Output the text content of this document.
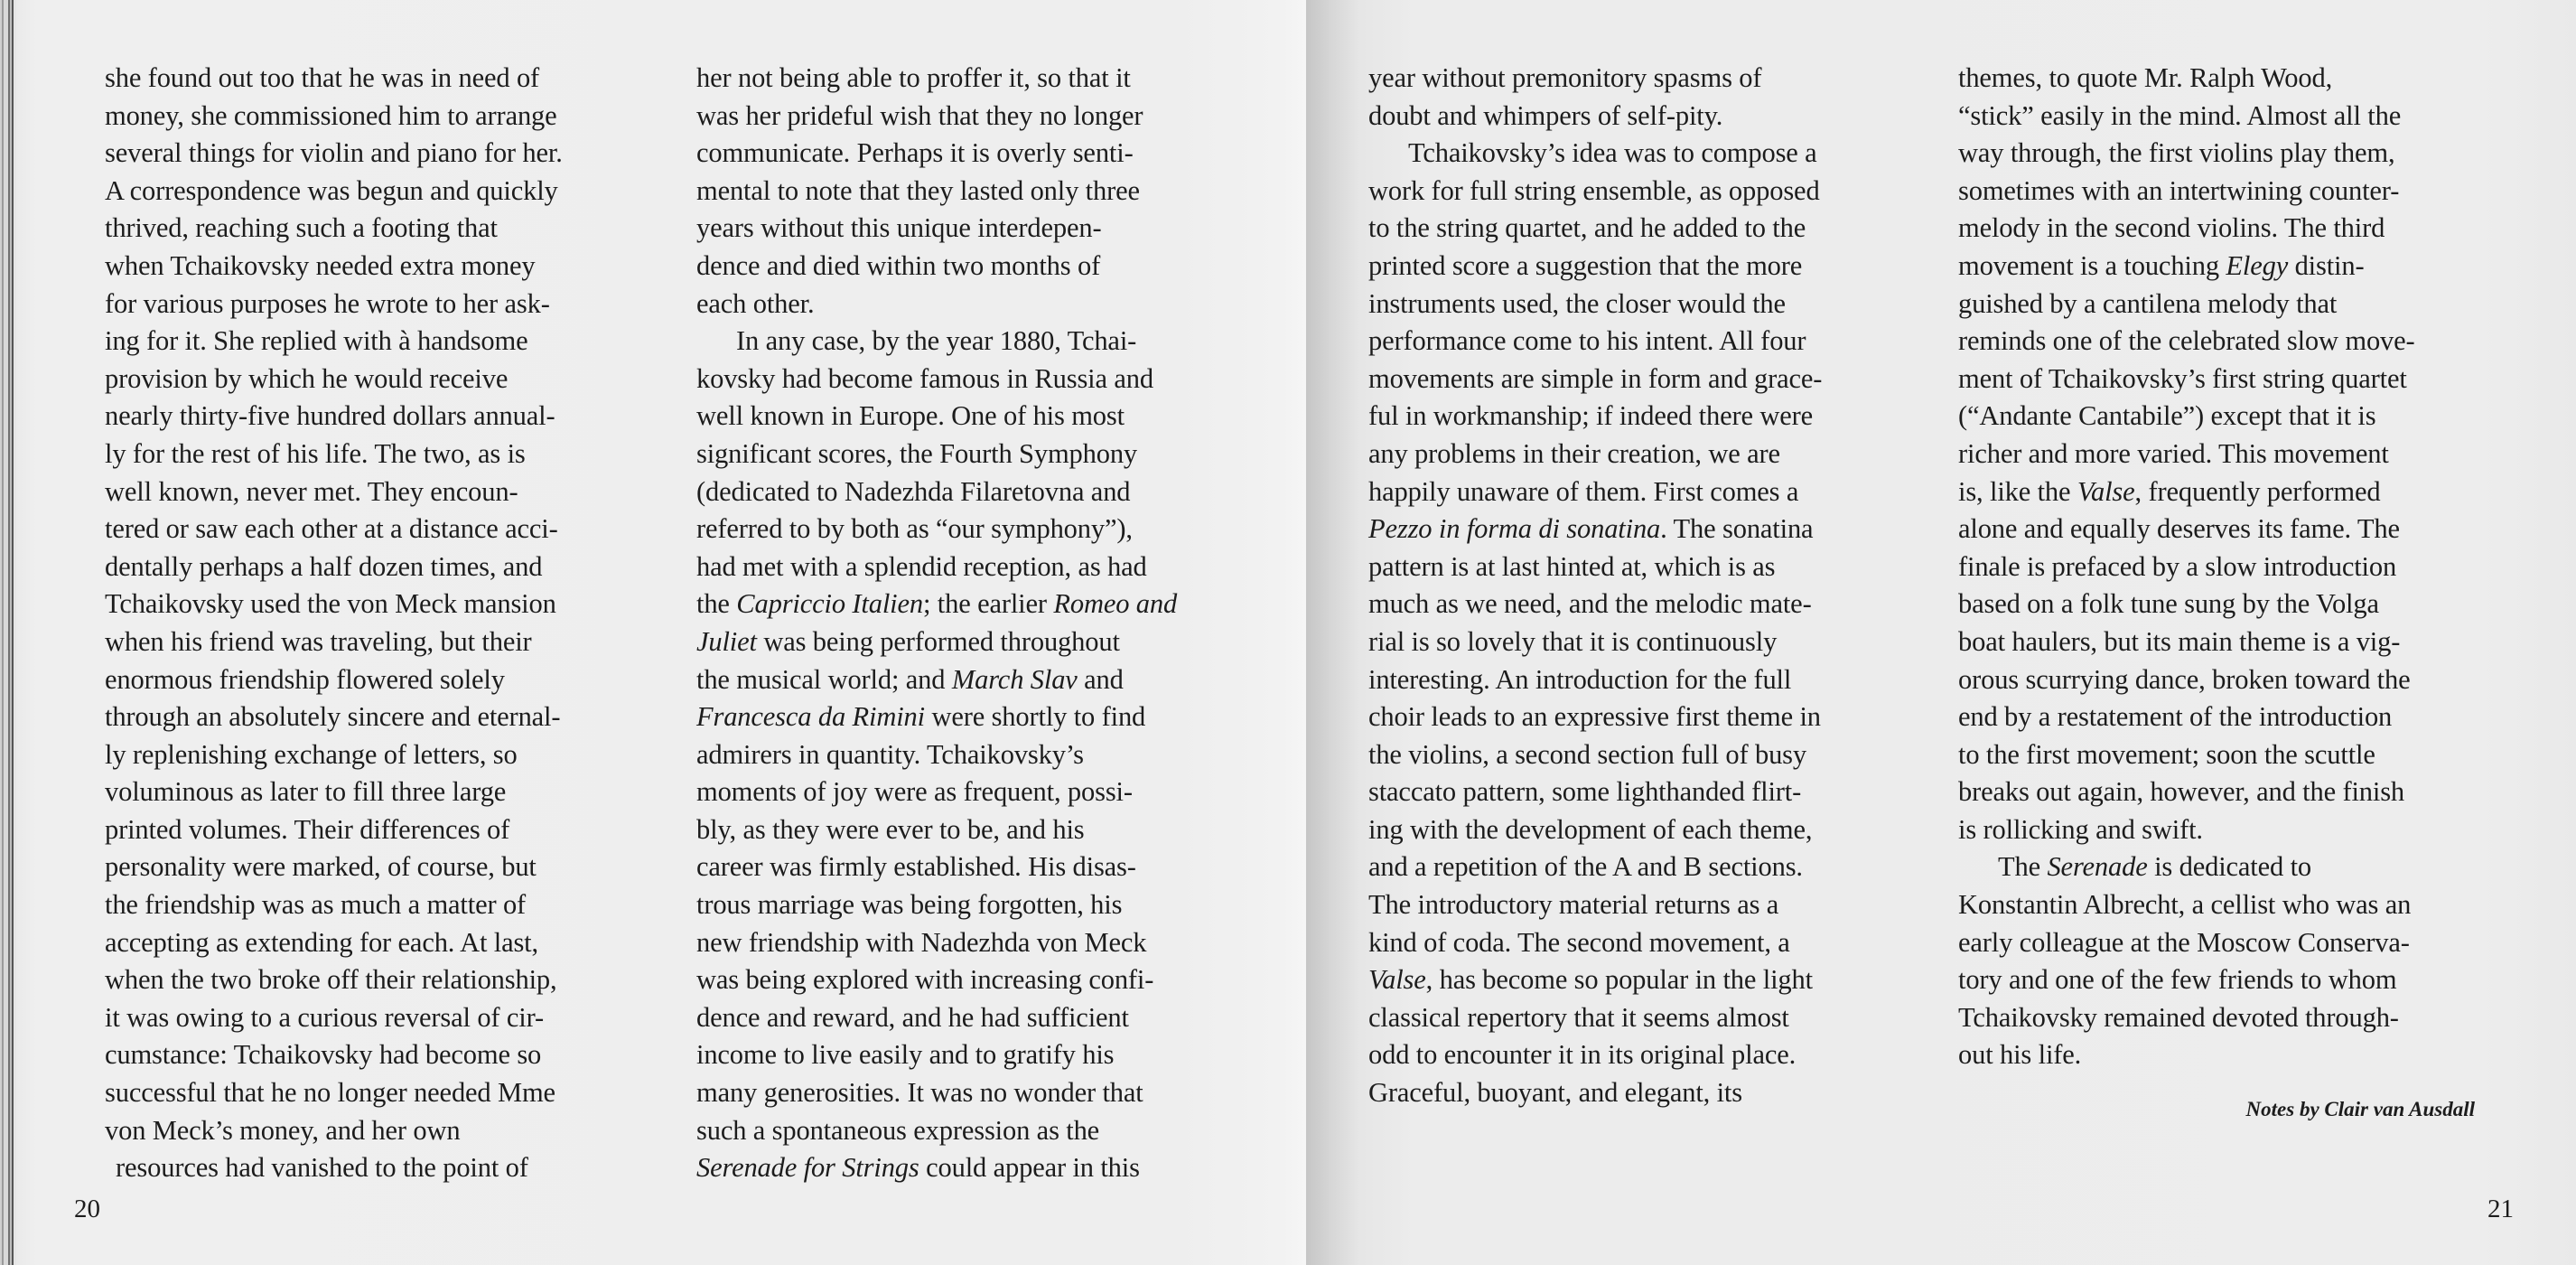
she found out too that he was in need of
money, she commissioned him to arrange
several things for violin and piano for her.
A correspondence was begun and quickly
thrived, reaching such a footing that
when Tchaikovsky needed extra money
for various purposes he wrote to her ask-
ing for it. She replied with à handsome
provision by which he would receive
nearly thirty-five hundred dollars annual-
ly for the rest of his life. The two, as is
well known, never met. They encoun-
tered or saw each other at a distance acci-
dentally perhaps a half dozen times, and
Tchaikovsky used the von Meck mansion
when his friend was traveling, but their
enormous friendship flowered solely
through an absolutely sincere and eternal-
ly replenishing exchange of letters, so
voluminous as later to fill three large
printed volumes. Their differences of
personality were marked, of course, but
the friendship was as much a matter of
accepting as extending for each. At last,
when the two broke off their relationship,
it was owing to a curious reversal of cir-
cumstance: Tchaikovsky had become so
successful that he no longer needed Mme
von Meck’s money, and her own
resources had vanished to the point of
her not being able to proffer it, so that it
was her prideful wish that they no longer
communicate. Perhaps it is overly senti-
mental to note that they lasted only three
years without this unique interdepen-
dence and died within two months of
each other.
In any case, by the year 1880, Tchai-
kovsky had become famous in Russia and
well known in Europe. One of his most
significant scores, the Fourth Symphony
(dedicated to Nadezhda Filaretovna and
referred to by both as “our symphony”),
had met with a splendid reception, as had
the Capriccio Italien; the earlier Romeo and
Juliet was being performed throughout
the musical world; and March Slav and
Francesca da Rimini were shortly to find
admirers in quantity. Tchaikovsky’s
moments of joy were as frequent, possi-
bly, as they were ever to be, and his
career was firmly established. His disas-
trous marriage was being forgotten, his
new friendship with Nadezhda von Meck
was being explored with increasing confi-
dence and reward, and he had sufficient
income to live easily and to gratify his
many generosities. It was no wonder that
such a spontaneous expression as the
Serenade for Strings could appear in this
year without premonitory spasms of
doubt and whimpers of self-pity.
Tchaikovsky’s idea was to compose a
work for full string ensemble, as opposed
to the string quartet, and he added to the
printed score a suggestion that the more
instruments used, the closer would the
performance come to his intent. All four
movements are simple in form and grace-
ful in workmanship; if indeed there were
any problems in their creation, we are
happily unaware of them. First comes a
Pezzo in forma di sonatina. The sonatina
pattern is at last hinted at, which is as
much as we need, and the melodic mate-
rial is so lovely that it is continuously
interesting. An introduction for the full
choir leads to an expressive first theme in
the violins, a second section full of busy
staccato pattern, some lighthanded flirt-
ing with the development of each theme,
and a repetition of the A and B sections.
The introductory material returns as a
kind of coda. The second movement, a
Valse, has become so popular in the light
classical repertory that it seems almost
odd to encounter it in its original place.
Graceful, buoyant, and elegant, its
themes, to quote Mr. Ralph Wood,
“stick” easily in the mind. Almost all the
way through, the first violins play them,
sometimes with an intertwining counter-
melody in the second violins. The third
movement is a touching Elegy distin-
guished by a cantilena melody that
reminds one of the celebrated slow move-
ment of Tchaikovsky’s first string quartet
(“Andante Cantabile”) except that it is
richer and more varied. This movement
is, like the Valse, frequently performed
alone and equally deserves its fame. The
finale is prefaced by a slow introduction
based on a folk tune sung by the Volga
boat haulers, but its main theme is a vig-
orous scurrying dance, broken toward the
end by a restatement of the introduction
to the first movement; soon the scuttle
breaks out again, however, and the finish
is rollicking and swift.
The Serenade is dedicated to
Konstantin Albrecht, a cellist who was an
early colleague at the Moscow Conserva-
tory and one of the few friends to whom
Tchaikovsky remained devoted through-
out his life.
Notes by Clair van Ausdall
20	21
